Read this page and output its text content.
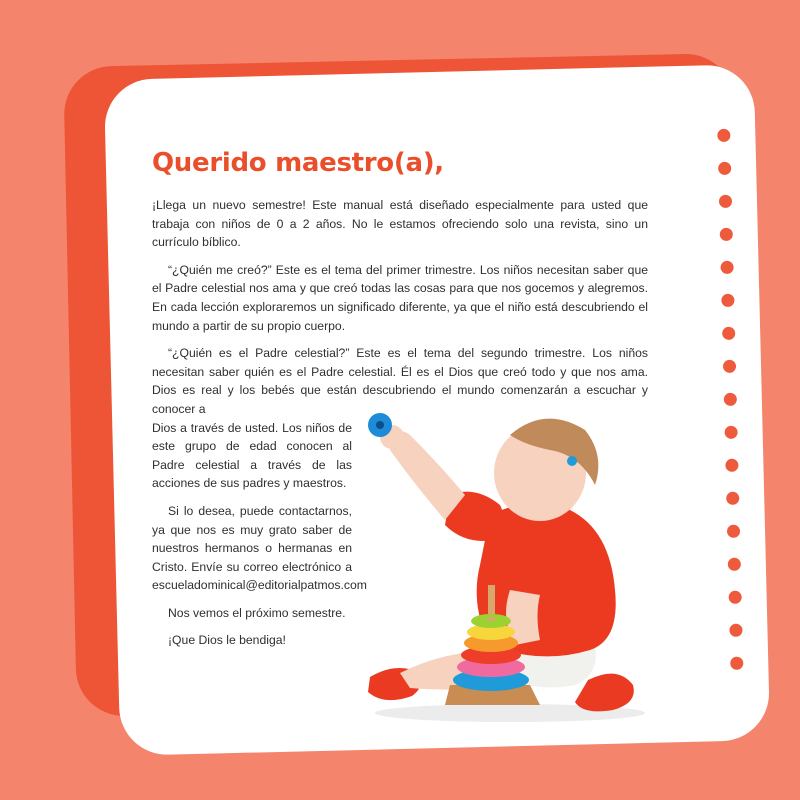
Querido maestro(a),

¡Llega un nuevo semestre! Este manual está diseñado especialmente para usted que trabaja con niños de 0 a 2 años. No le estamos ofreciendo solo una revista, sino un currículo bíblico.

“¿Quién me creó?” Este es el tema del primer trimestre. Los niños necesitan saber que el Padre celestial nos ama y que creó todas las cosas para que nos gocemos y alegremos. En cada lección exploraremos un significado diferente, ya que el niño está descubriendo el mundo a partir de su propio cuerpo.

“¿Quién es el Padre celestial?” Este es el tema del segundo trimestre. Los niños necesitan saber quién es el Padre celestial. Él es el Dios que creó todo y que nos ama. Dios es real y los bebés que están descubriendo el mundo comenzarán a escuchar y conocer a

Dios a través de usted. Los niños de este grupo de edad conocen al Padre celestial a través de las acciones de sus padres y maestros.

Si lo desea, puede contactarnos, ya que nos es muy grato saber de nuestros hermanos o hermanas en Cristo. Envíe su correo electrónico a escueladominical@editorialpatmos.com

Nos vemos el próximo semestre.

¡Que Dios le bendiga!
